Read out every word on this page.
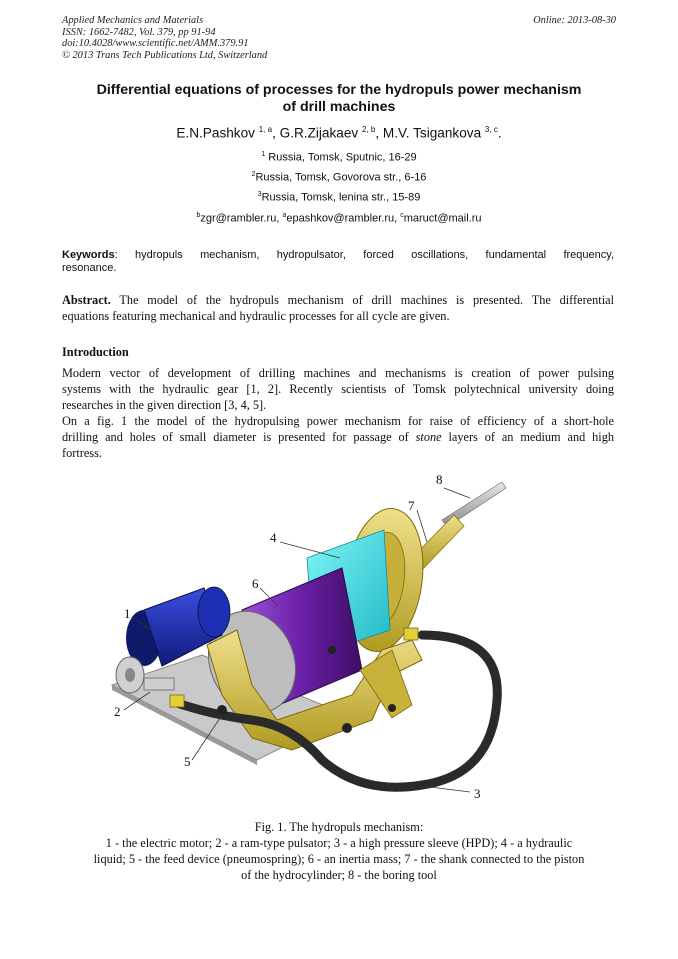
Applied Mechanics and Materials
ISSN: 1662-7482, Vol. 379, pp 91-94
doi:10.4028/www.scientific.net/AMM.379.91
© 2013 Trans Tech Publications Ltd, Switzerland
Online: 2013-08-30
Differential equations of processes for the hydropuls power mechanism
of drill machines
E.N.Pashkov $^{1, a}$, G.R.Zijakaev $^{2, b}$, M.V. Tsigankova $^{3, c}$.
$^1$ Russia, Tomsk, Sputnic, 16-29
$^2$Russia, Tomsk, Govorova str., 6-16
$^3$Russia, Tomsk, lenina str., 15-89
$^b$zgr@rambler.ru, $^a$epashkov@rambler.ru, $^c$maruct@mail.ru
Keywords: hydropuls mechanism, hydropulsator, forced oscillations, fundamental frequency,
resonance.
Abstract. The model of the hydropuls mechanism of drill machines is presented. The differential
equations featuring mechanical and hydraulic processes for all cycle are given.
Introduction
Modern vector of development of drilling machines and mechanisms is creation of power pulsing
systems with the hydraulic gear [1, 2]. Recently scientists of Tomsk polytechnical university doing
researches in the given direction [3, 4, 5].
On a fig. 1 the model of the hydropulsing power mechanism for raise of efficiency of a short-hole
drilling and holes of small diameter is presented for passage of stone layers of an medium and high
fortress.
1
2
3
4
5
6
7
8
Fig. 1. The hydropuls mechanism:
1 - the electric motor; 2 - a ram-type pulsator; 3 - a high pressure sleeve (HPD); 4 - a hydraulic
liquid; 5 - the feed device (pneumospring); 6 - an inertia mass; 7 - the shank connected to the piston
of the hydrocylinder; 8 - the boring tool
